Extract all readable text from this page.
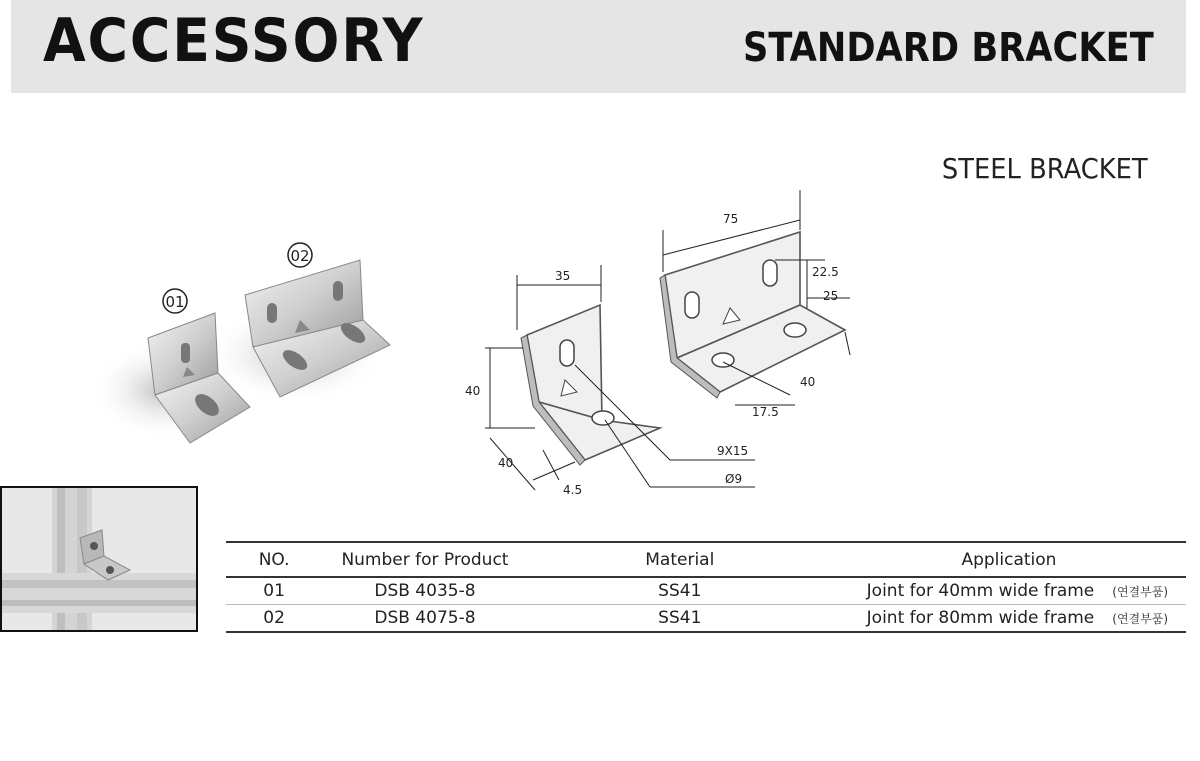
ACCESSORY	STANDARD BRACKET
STEEL BRACKET
01
02
35
40
40
4.5
9X15
Ø9
75
22.5
25
40
17.5
NO.	Number for Product	Material	Application
01	DSB 4035-8	SS41	Joint for 40mm wide frame (연결부품)
02	DSB 4075-8	SS41	Joint for 80mm wide frame (연결부품)
